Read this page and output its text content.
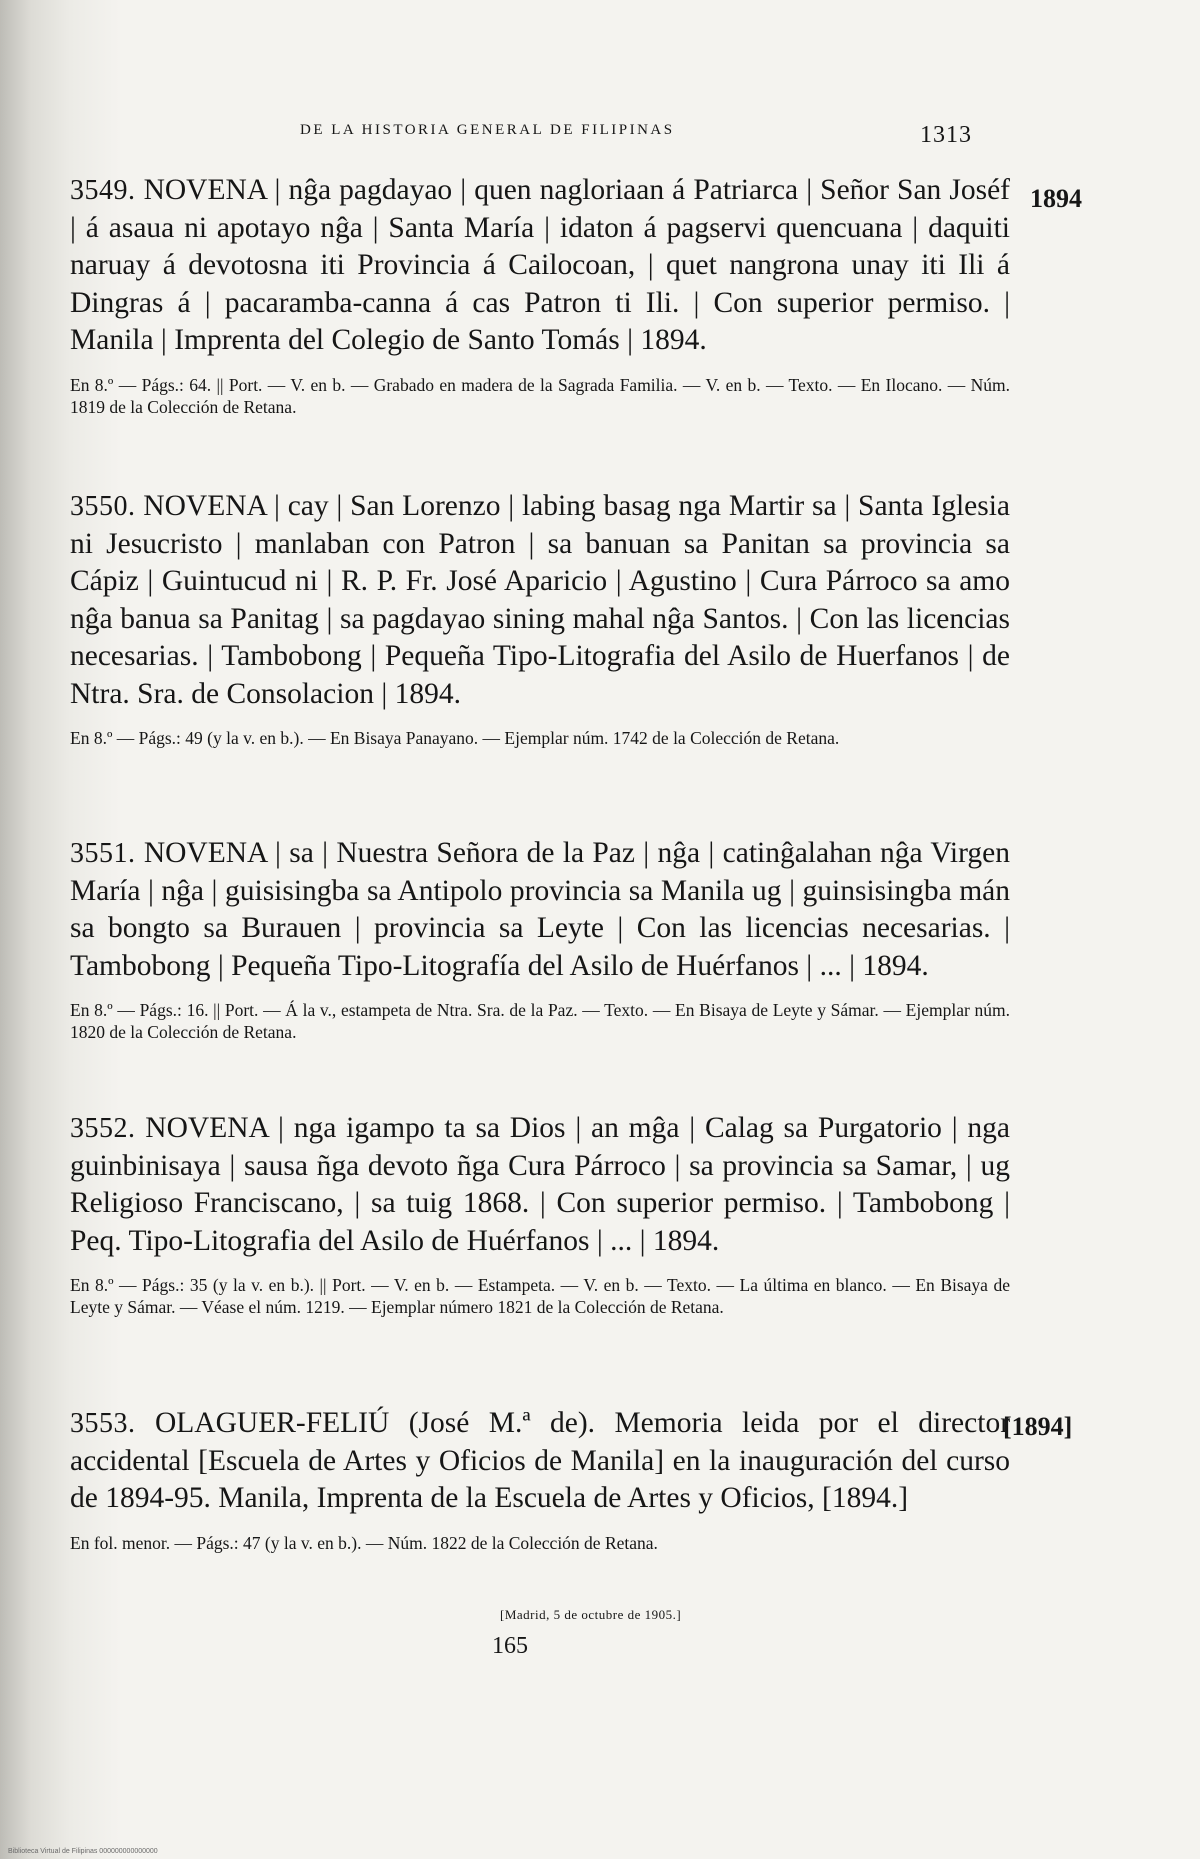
DE LA HISTORIA GENERAL DE FILIPINAS	1313

3549. NOVENA | nĝa pagdayao | quen nagloriaan á Patriarca | Señor San Joséf | á asaua ni apotayo nĝa | Santa María | idaton á pagservi quencuana | daquiti naruay á devotosna iti Provincia á Cailocoan, | quet nangrona unay iti Ili á Dingras á | pacaramba-canna á cas Patron ti Ili. | Con superior permiso. | Manila | Imprenta del Colegio de Santo Tomás | 1894.

En 8.º — Págs.: 64. || Port. — V. en b. — Grabado en madera de la Sagrada Familia. — V. en b. — Texto. — En Ilocano. — Núm. 1819 de la Colección de Retana.

1894

3550. NOVENA | cay | San Lorenzo | labing basag nga Martir sa | Santa Iglesia ni Jesucristo | manlaban con Patron | sa banuan sa Panitan sa provincia sa Cápiz | Guintucud ni | R. P. Fr. José Aparicio | Agustino | Cura Párroco sa amo nĝa banua sa Panitag | sa pagdayao sining mahal nĝa Santos. | Con las licencias necesarias. | Tambobong | Pequeña Tipo-Litografia del Asilo de Huerfanos | de Ntra. Sra. de Consolacion | 1894.

En 8.º — Págs.: 49 (y la v. en b.). — En Bisaya Panayano. — Ejemplar núm. 1742 de la Colección de Retana.

3551. NOVENA | sa | Nuestra Señora de la Paz | nĝa | catinĝalahan nĝa Virgen María | nĝa | guisisingba sa Antipolo provincia sa Manila ug | guinsisingba mán sa bongto sa Burauen | provincia sa Leyte | Con las licencias necesarias. | Tambobong | Pequeña Tipo-Litografía del Asilo de Huérfanos | ... | 1894.

En 8.º — Págs.: 16. || Port. — Á la v., estampeta de Ntra. Sra. de la Paz. — Texto. — En Bisaya de Leyte y Sámar. — Ejemplar núm. 1820 de la Colección de Retana.

3552. NOVENA | nga igampo ta sa Dios | an mĝa | Calag sa Purgatorio | nga guinbinisaya | sausa ñga devoto ñga Cura Párroco | sa provincia sa Samar, | ug Religioso Franciscano, | sa tuig 1868. | Con superior permiso. | Tambobong | Peq. Tipo-Litografia del Asilo de Huérfanos | ... | 1894.

En 8.º — Págs.: 35 (y la v. en b.). || Port. — V. en b. — Estampeta. — V. en b. — Texto. — La última en blanco. — En Bisaya de Leyte y Sámar. — Véase el núm. 1219. — Ejemplar número 1821 de la Colección de Retana.

3553. OLAGUER-FELIÚ (José M.ª de). Memoria leida por el director accidental [Escuela de Artes y Oficios de Manila] en la inauguración del curso de 1894-95. Manila, Imprenta de la Escuela de Artes y Oficios, [1894.]

En fol. menor. — Págs.: 47 (y la v. en b.). — Núm. 1822 de la Colección de Retana.

[1894]
[Madrid, 5 de octubre de 1905.]
165
Biblioteca Virtual de Filipinas 000000000000000
